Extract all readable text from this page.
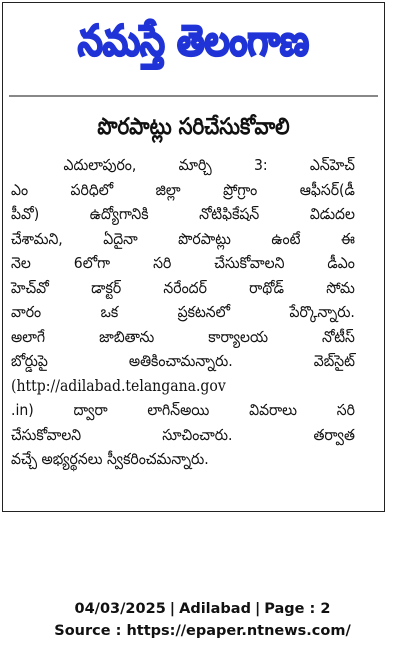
నమస్తే తెలంగాణ
పొరపాట్లు సరిచేసుకోవాలి
ఎదులాపురం, మార్చి 3: ఎన్‌హెచ్
ఎం పరిధిలో జిల్లా ప్రోగ్రాం ఆఫీసర్(డీ
పీవో) ఉద్యోగానికి నోటిఫికేషన్ విడుదల
చేశామని, ఏదైనా పొరపాట్లు ఉంటే ఈ
నెల 6లోగా సరి చేసుకోవాలని డీఎం
హెచ్‌వో డాక్టర్ నరేందర్ రాథోడ్ సోమ
వారం ఒక ప్రకటనలో పేర్కొన్నారు.
అలాగే జాబితాను కార్యాలయ నోటీస్
బోర్డుపై అతికించామన్నారు. వెబ్‌సైట్
(http://adilabad.telangana.gov
.in) ద్వారా లాగిన్‌అయి వివరాలు సరి
చేసుకోవాలని సూచించారు. తర్వాత
వచ్చే అభ్యర్థనలు స్వీకరించమన్నారు.
04/03/2025 | Adilabad | Page : 2
Source : https://epaper.ntnews.com/
